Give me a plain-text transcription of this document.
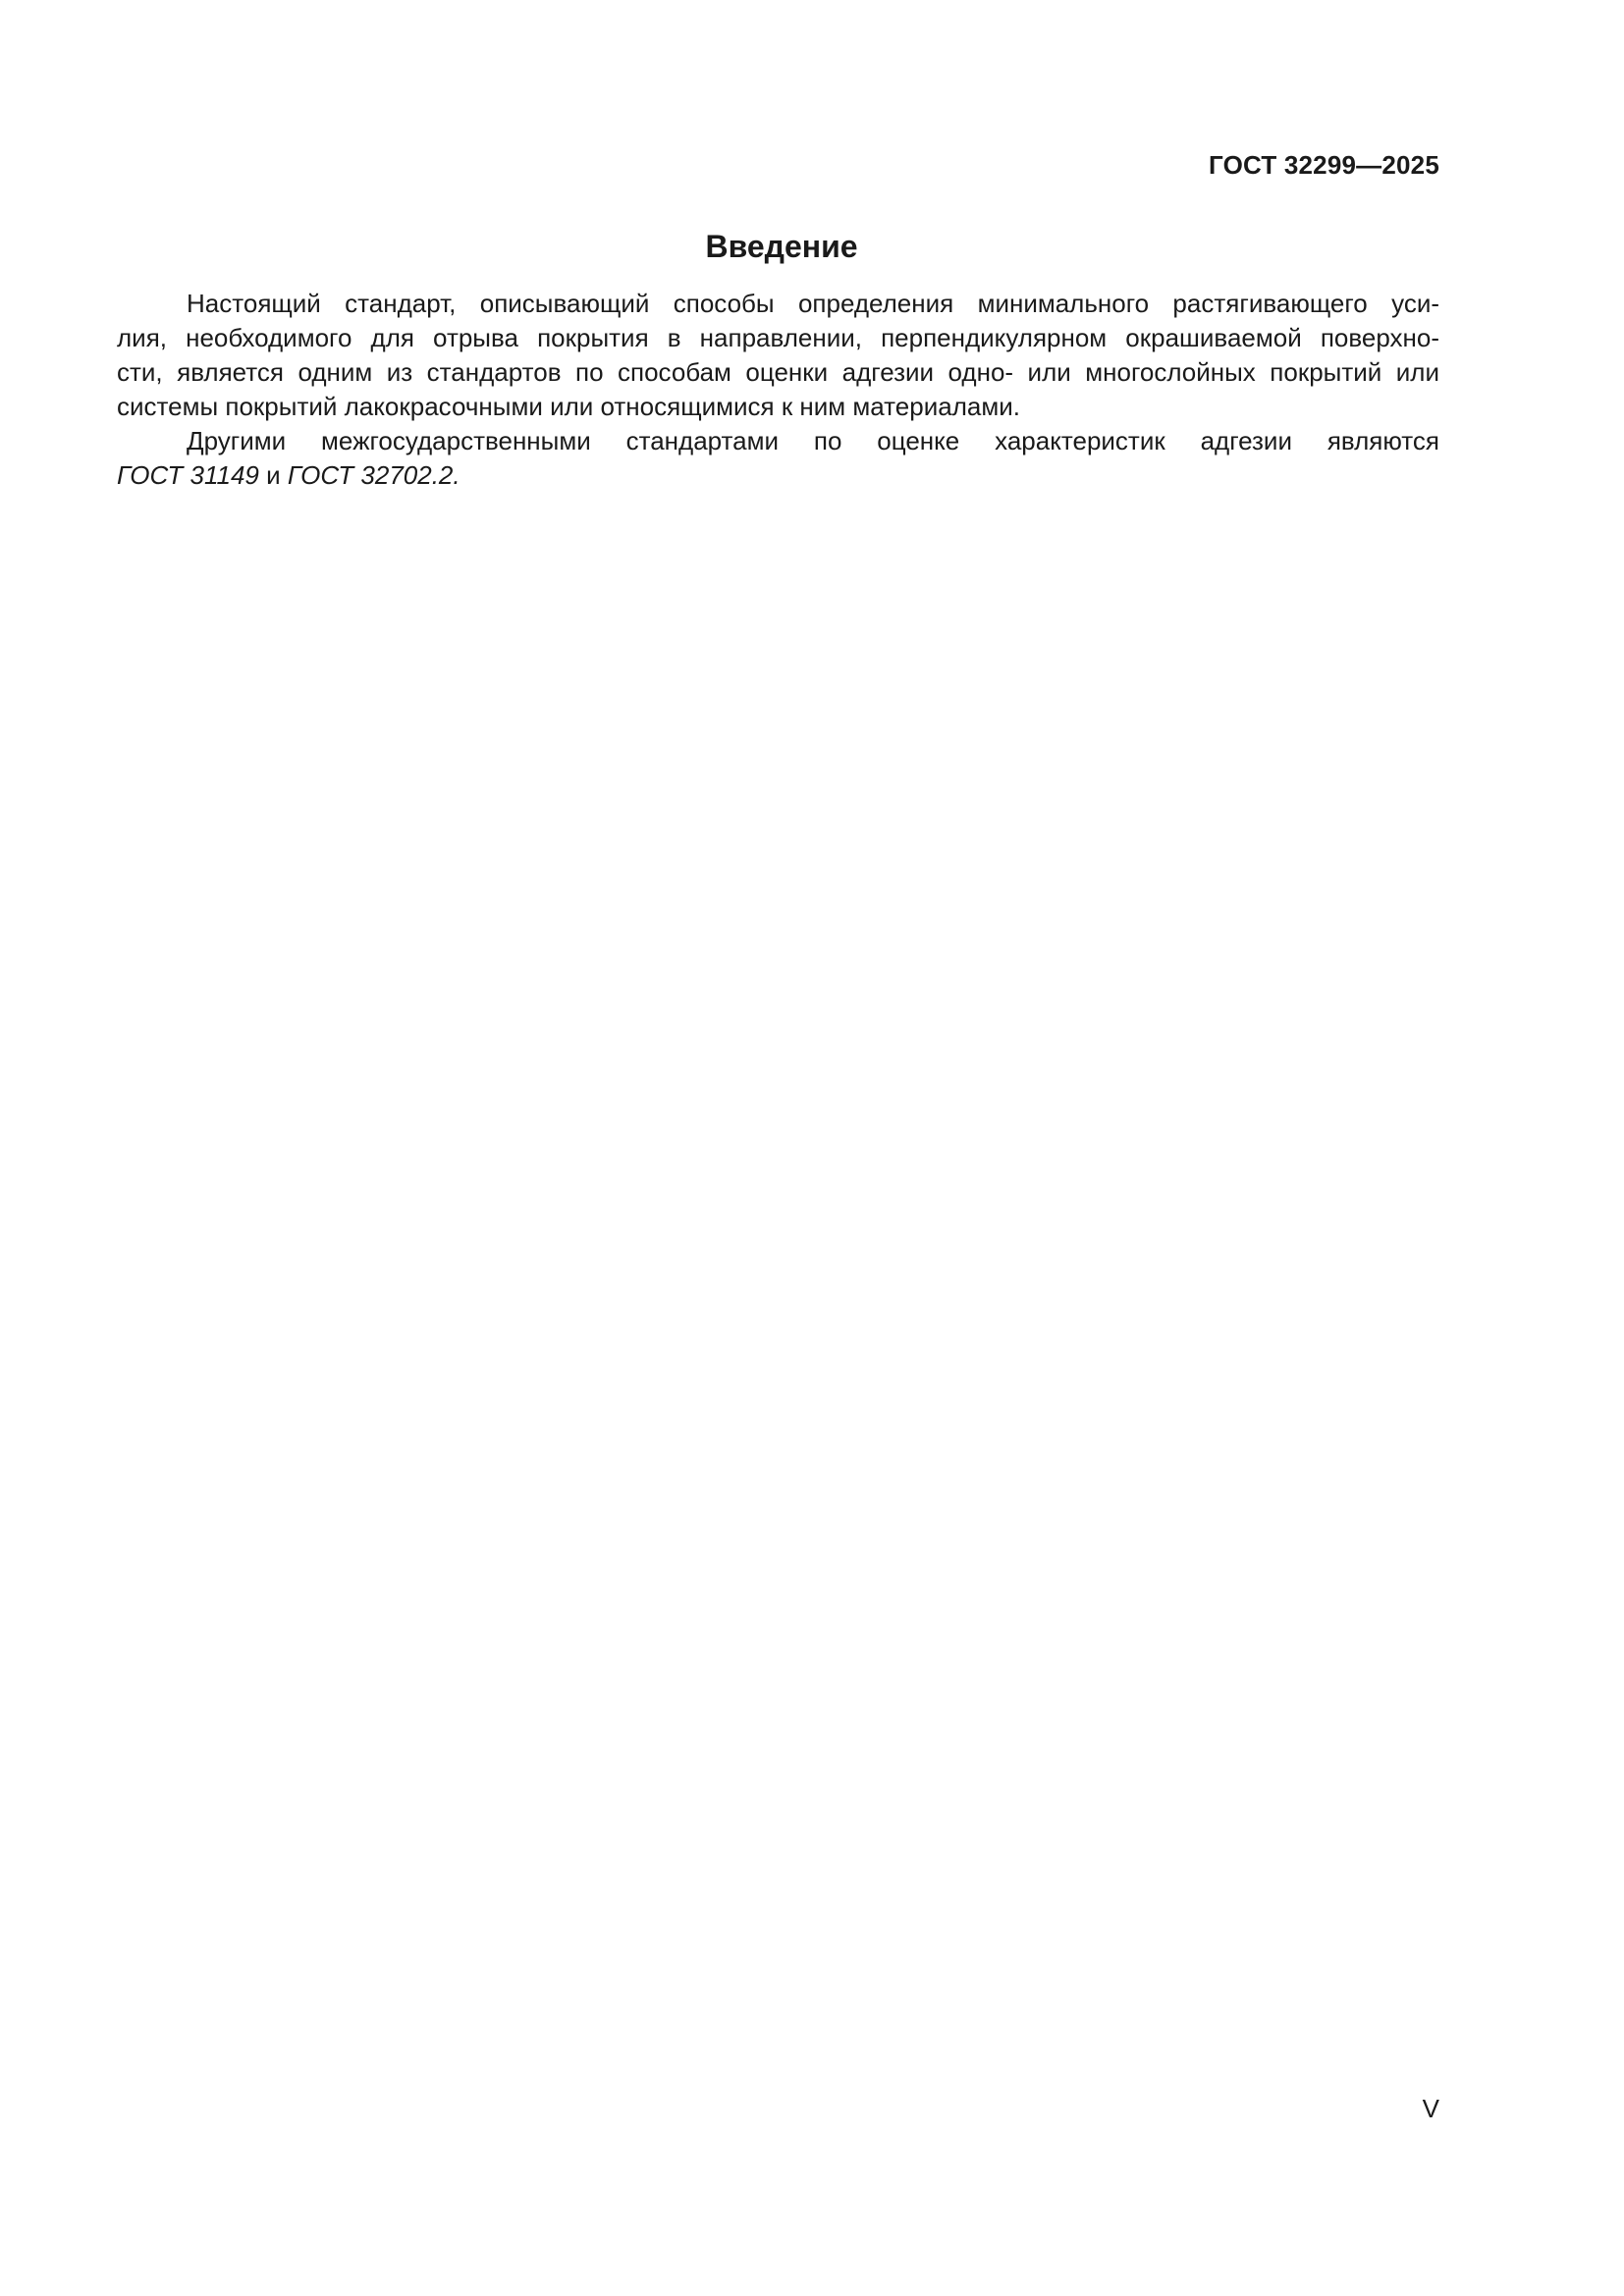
ГОСТ 32299—2025
Введение

Настоящий стандарт, описывающий способы определения минимального растягивающего уси-
лия, необходимого для отрыва покрытия в направлении, перпендикулярном окрашиваемой поверхно-
сти, является одним из стандартов по способам оценки адгезии одно- или многослойных покрытий или
системы покрытий лакокрасочными или относящимися к ним материалами.

Другими межгосударственными стандартами по оценке характеристик адгезии являются
ГОСТ 31149 и ГОСТ 32702.2.

V
